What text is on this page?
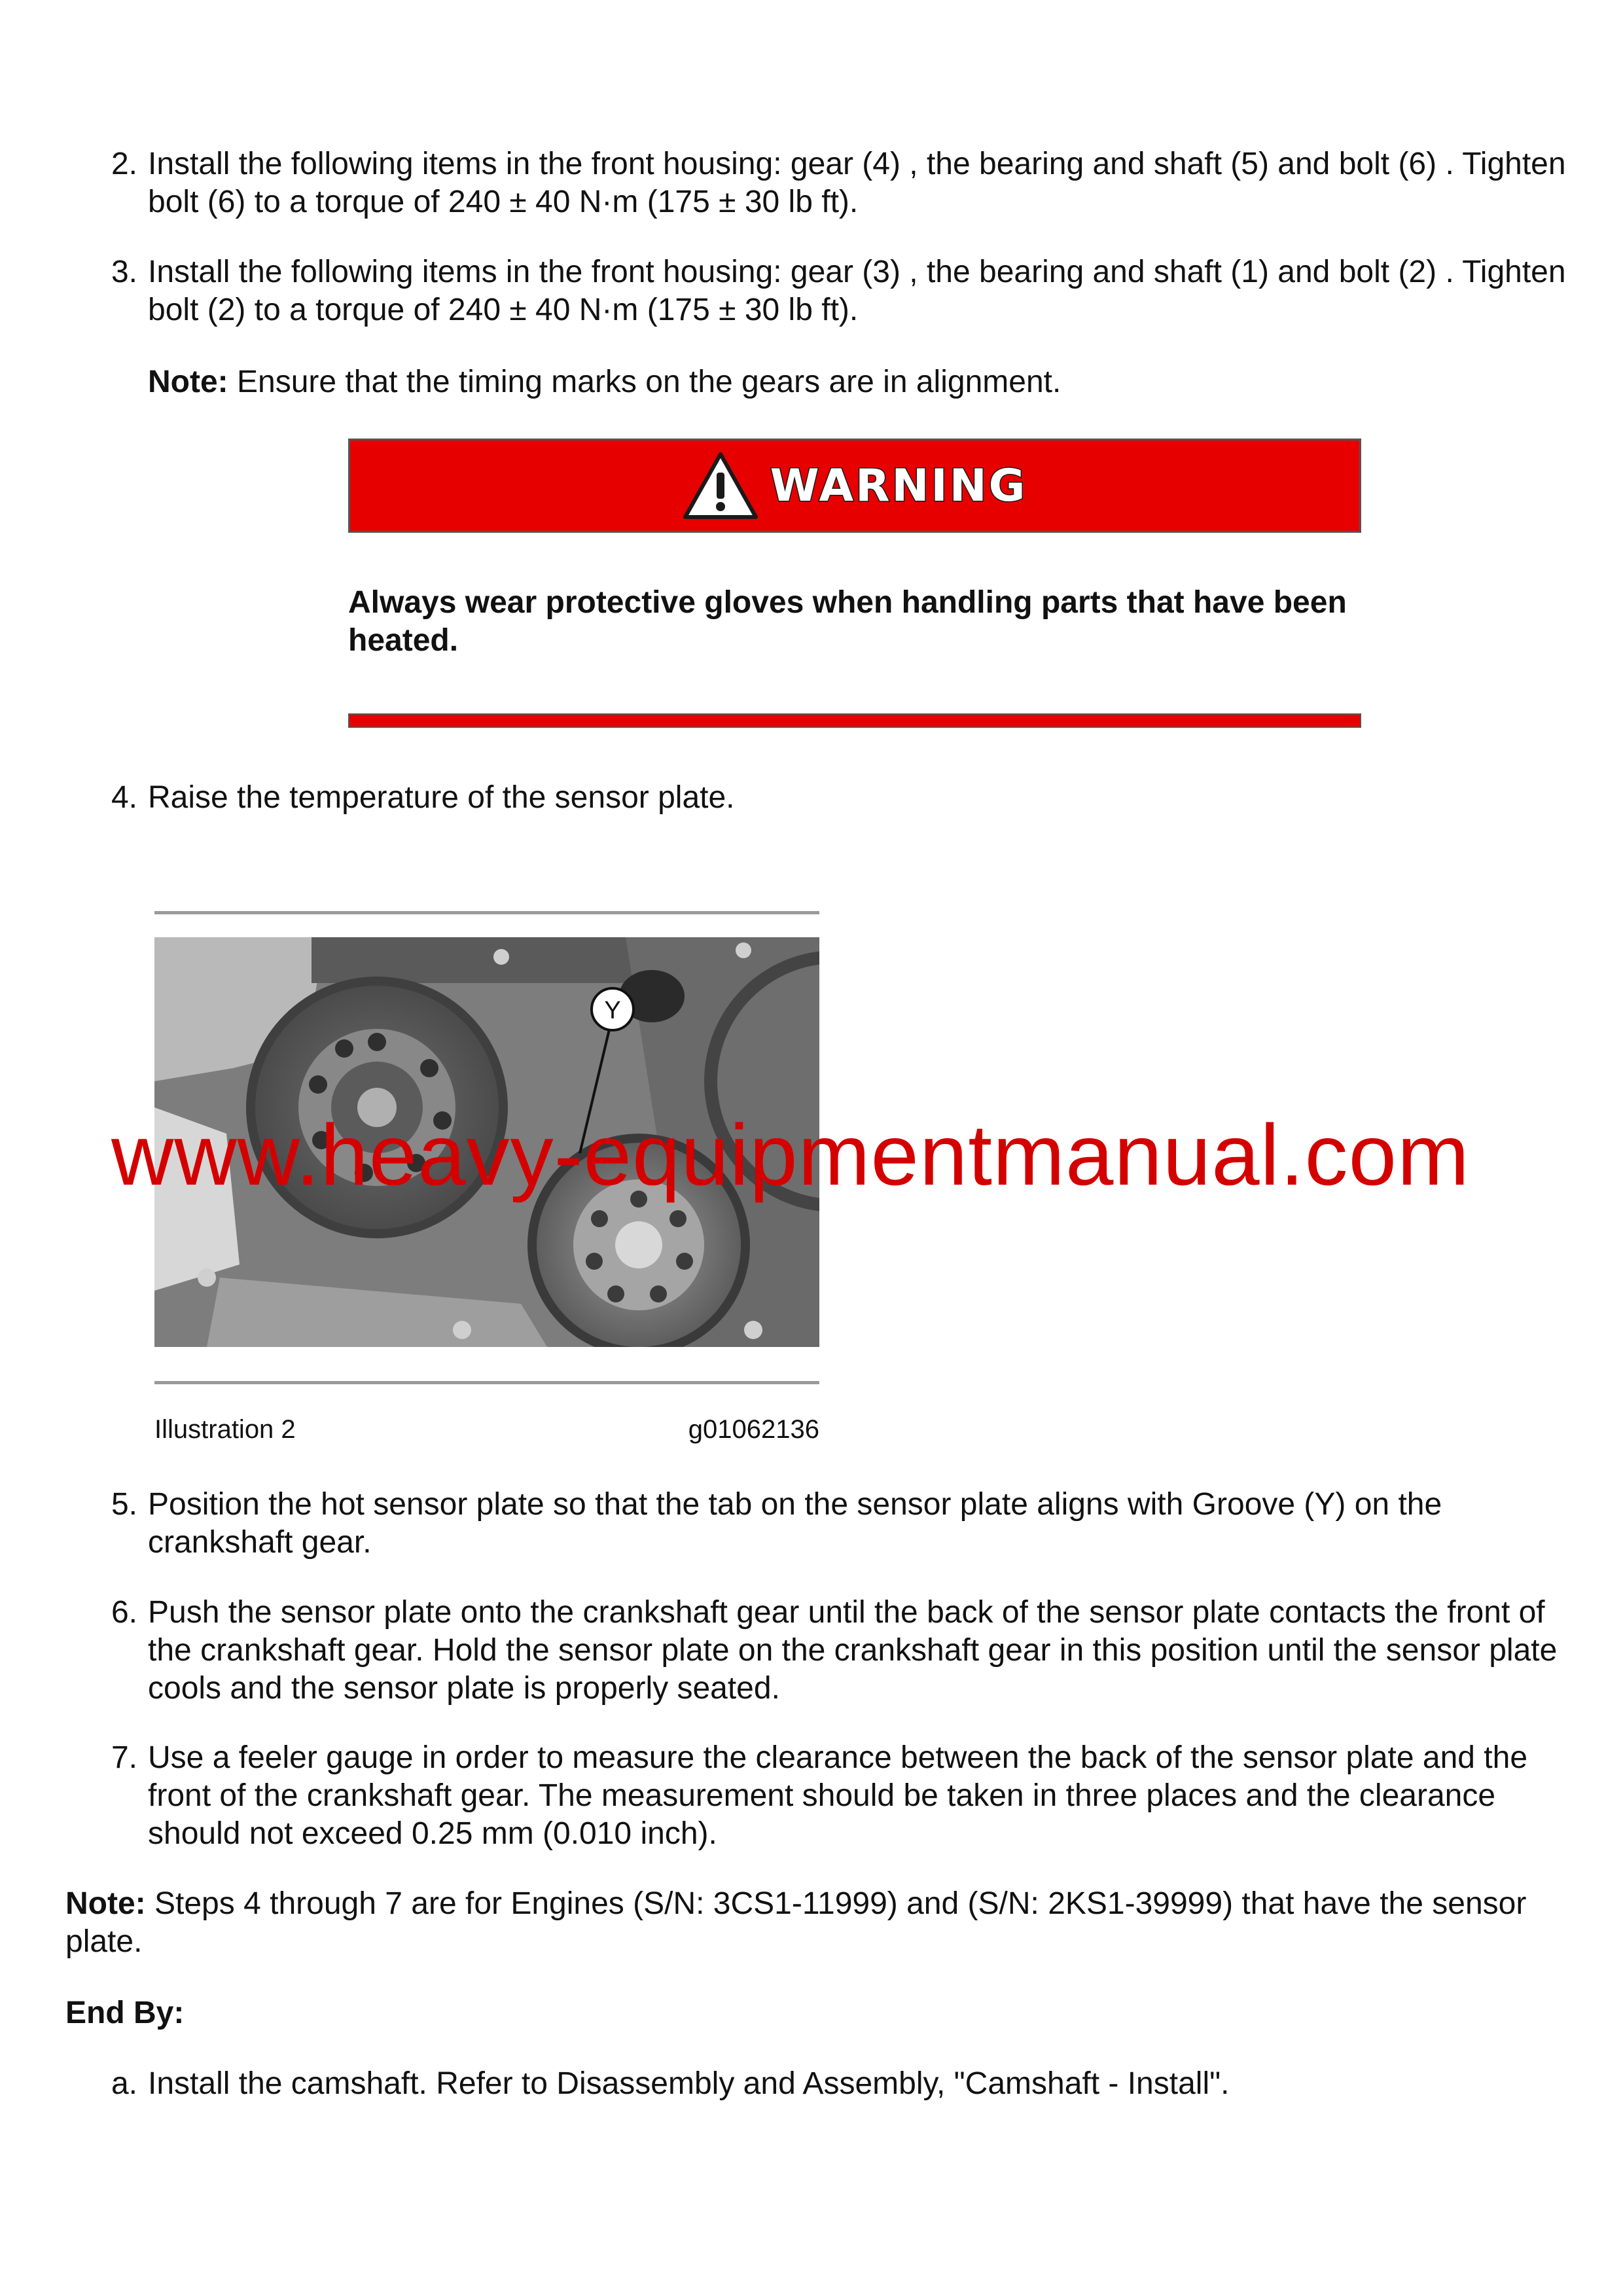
2. Install the following items in the front housing: gear (4) , the bearing and shaft (5) and bolt (6) . Tighten bolt (6) to a torque of 240 ± 40 N·m (175 ± 30 lb ft).
3. Install the following items in the front housing: gear (3) , the bearing and shaft (1) and bolt (2) . Tighten bolt (2) to a torque of 240 ± 40 N·m (175 ± 30 lb ft).
Note: Ensure that the timing marks on the gears are in alignment.
WARNING
Always wear protective gloves when handling parts that have been heated.
4. Raise the temperature of the sensor plate.
Y
Illustration 2	g01062136
www.heavy-equipmentmanual.com
5. Position the hot sensor plate so that the tab on the sensor plate aligns with Groove (Y) on the crankshaft gear.
6. Push the sensor plate onto the crankshaft gear until the back of the sensor plate contacts the front of the crankshaft gear. Hold the sensor plate on the crankshaft gear in this position until the sensor plate cools and the sensor plate is properly seated.
7. Use a feeler gauge in order to measure the clearance between the back of the sensor plate and the front of the crankshaft gear. The measurement should be taken in three places and the clearance should not exceed 0.25 mm (0.010 inch).
Note: Steps 4 through 7 are for Engines (S/N: 3CS1-11999) and (S/N: 2KS1-39999) that have the sensor plate.
End By:
a. Install the camshaft. Refer to Disassembly and Assembly, "Camshaft - Install".
